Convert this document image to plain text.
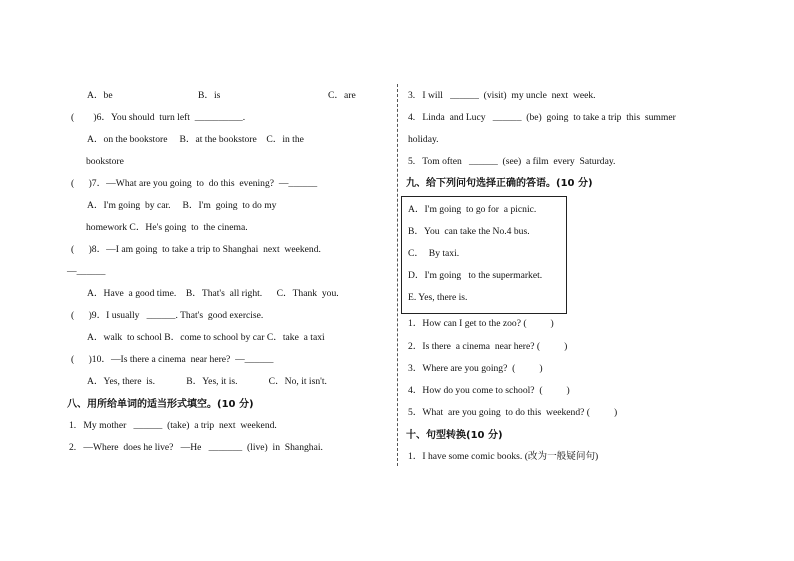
A．be	B．is	C．are
(        )6．You should  turn left  __________.
A．on the bookstore     B．at the bookstore    C．in the
bookstore
(      )7．—What are you going  to  do this  evening?  —______
A．I'm going  by car.     B．I'm  going  to do my
homework C．He's going  to  the cinema.
(      )8．—I am going  to take a trip to Shanghai  next  weekend.
—______
A．Have  a good time.    B．That's  all right.      C．Thank  you.
(      )9．I usually   ______. That's  good exercise.
A．walk  to school B．come to school by car C．take  a taxi
(      )10．—Is there a cinema  near here?  —______
A．Yes, there  is.             B．Yes, it is.             C．No, it isn't.
八、用所给单词的适当形式填空。(10 分)
1.   My mother   ______  (take)  a trip  next  weekend.
2.   —Where  does he live?   —He   _______  (live)  in  Shanghai.
3.   I will   ______  (visit)  my uncle  next  week.
4.   Linda  and Lucy   ______  (be)  going  to take a trip  this  summer
holiday.
5.   Tom often   ______  (see)  a film  every  Saturday.
九、给下列问句选择正确的答语。(10 分)
A．I'm going  to go for  a picnic.
B．You  can take the No.4 bus.
C．  By taxi.
D．I'm going   to the supermarket.
E. Yes, there is.
1．How can I get to the zoo? (          )
2．Is there  a cinema  near here? (          )
3．Where are you going?  (          )
4．How do you come to school?  (          )
5．What  are you going  to do this  weekend? (          )
十、句型转换(10 分)
1．I have some comic books. (改为一般疑问句)
